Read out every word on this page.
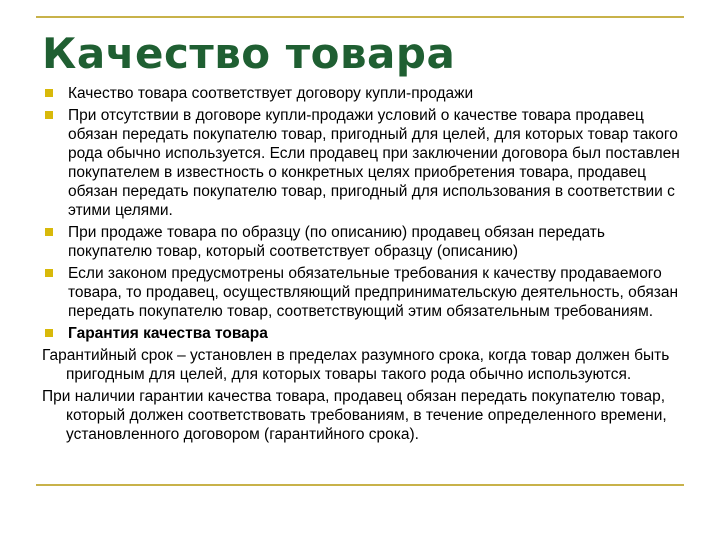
Качество товара
Качество товара соответствует договору купли-продажи
При отсутствии в договоре купли-продажи условий о качестве товара продавец обязан передать покупателю товар, пригодный для целей, для которых товар такого рода обычно используется. Если продавец при заключении договора был поставлен покупателем в известность о конкретных целях приобретения товара, продавец обязан передать покупателю товар, пригодный для использования в соответствии с этими целями.
При продаже товара по образцу (по описанию) продавец обязан передать покупателю товар, который соответствует образцу (описанию)
Если законом предусмотрены обязательные требования к качеству продаваемого товара, то продавец, осуществляющий предпринимательскую деятельность, обязан передать покупателю товар, соответствующий этим обязательным требованиям.
Гарантия качества товара
Гарантийный срок – установлен в пределах разумного срока, когда товар должен быть пригодным для целей, для которых товары такого рода обычно используются.
При наличии гарантии качества товара, продавец обязан передать покупателю товар, который должен соответствовать требованиям, в течение определенного времени, установленного договором (гарантийного срока).
